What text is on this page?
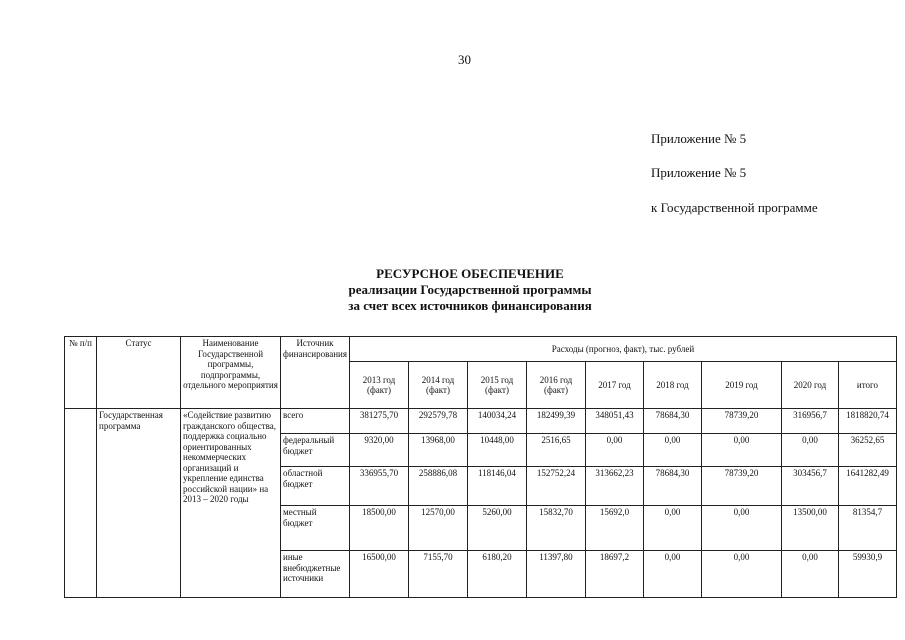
30
Приложение № 5
Приложение № 5
к Государственной программе
РЕСУРСНОЕ ОБЕСПЕЧЕНИЕ
реализации Государственной программы
за счет всех источников финансирования
№ п/п	Статус	Наименование Государственной программы, подпрограммы, отдельного мероприятия	Источник финансирования	Расходы (прогноз, факт), тыс. рублей								
				2013 год (факт)	2014 год (факт)	2015 год (факт)	2016 год (факт)	2017 год	2018 год	2019 год	2020 год	итого
	Государственная программа	«Содействие развитию гражданского общества, поддержка социально ориентированных некоммерческих организаций и укрепление единства российской нации» на 2013 – 2020 годы	всего	381275,70	292579,78	140034,24	182499,39	348051,43	78684,30	78739,20	316956,7	1818820,74
			федеральный бюджет	9320,00	13968,00	10448,00	2516,65	0,00	0,00	0,00	0,00	36252,65
			областной бюджет	336955,70	258886,08	118146,04	152752,24	313662,23	78684,30	78739,20	303456,7	1641282,49
			местный бюджет	18500,00	12570,00	5260,00	15832,70	15692,0	0,00	0,00	13500,00	81354,7
			иные внебюджетные источники	16500,00	7155,70	6180,20	11397,80	18697,2	0,00	0,00	0,00	59930,9
